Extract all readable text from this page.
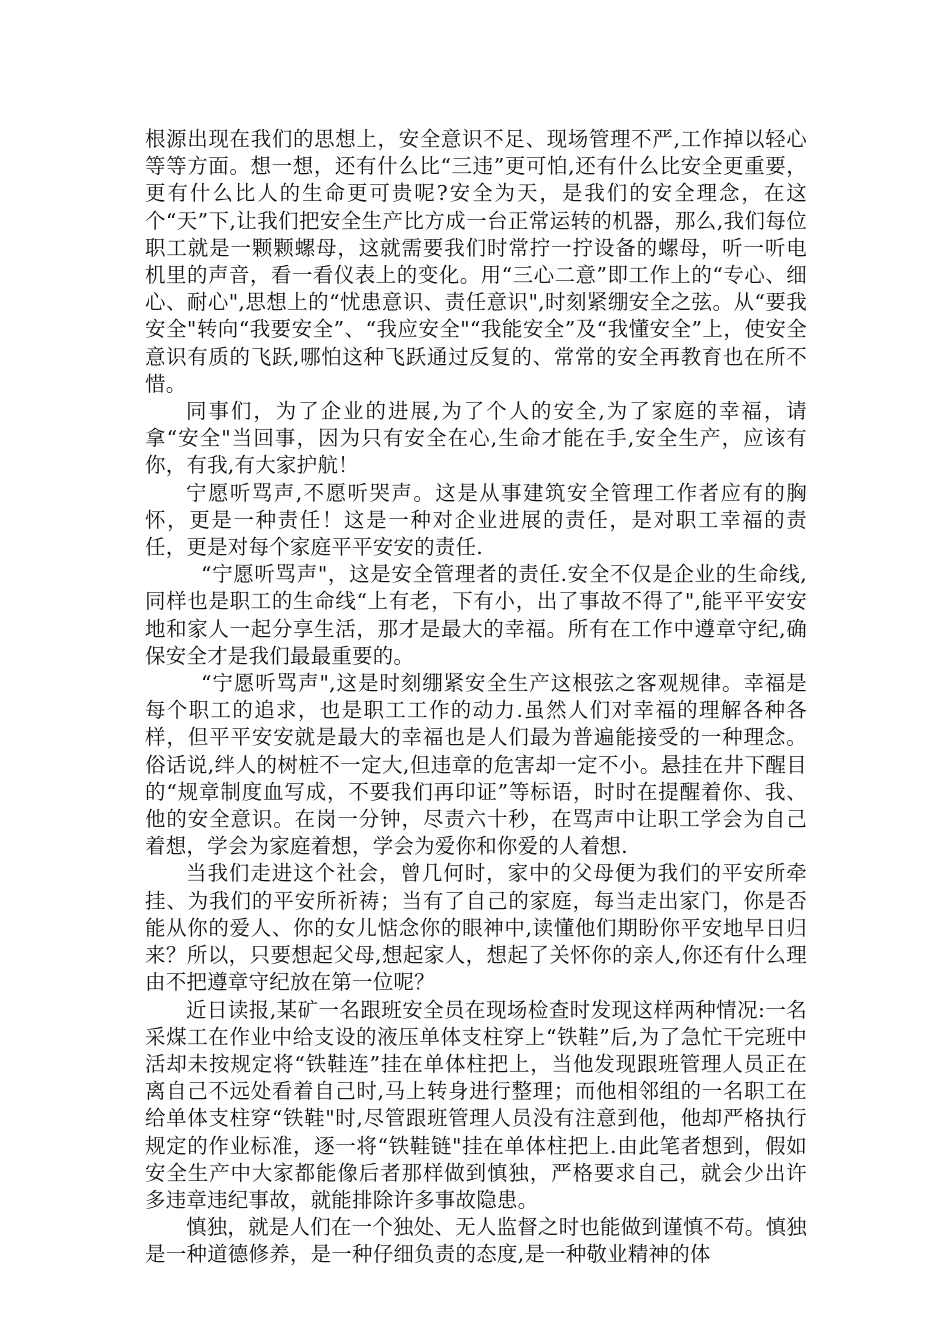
根源出现在我们的思想上，安全意识不足、现场管理不严,工作掉以轻心等等方面。想一想，还有什么比“三违”更可怕,还有什么比安全更重要，更有什么比人的生命更可贵呢?安全为天，是我们的安全理念，在这个“天”下,让我们把安全生产比方成一台正常运转的机器，那么,我们每位职工就是一颗颗螺母，这就需要我们时常拧一拧设备的螺母，听一听电机里的声音，看一看仪表上的变化。用“三心二意”即工作上的“专心、细心、耐心",思想上的“忧患意识、责任意识",时刻紧绷安全之弦。从“要我安全"转向“我要安全”、“我应安全"“我能安全”及“我懂安全”上，使安全意识有质的飞跃,哪怕这种飞跃通过反复的、常常的安全再教育也在所不惜。

同事们，为了企业的进展,为了个人的安全,为了家庭的幸福，请拿“安全"当回事，因为只有安全在心,生命才能在手,安全生产，应该有你，有我,有大家护航！

宁愿听骂声,不愿听哭声。这是从事建筑安全管理工作者应有的胸怀，更是一种责任！这是一种对企业进展的责任，是对职工幸福的责任，更是对每个家庭平平安安的责任.

“宁愿听骂声"，这是安全管理者的责任.安全不仅是企业的生命线,同样也是职工的生命线“上有老，下有小，出了事故不得了",能平平安安地和家人一起分享生活，那才是最大的幸福。所有在工作中遵章守纪,确保安全才是我们最最重要的。

“宁愿听骂声",这是时刻绷紧安全生产这根弦之客观规律。幸福是每个职工的追求，也是职工工作的动力.虽然人们对幸福的理解各种各样，但平平安安就是最大的幸福也是人们最为普遍能接受的一种理念。俗话说,绊人的树桩不一定大,但违章的危害却一定不小。悬挂在井下醒目的“规章制度血写成，不要我们再印证”等标语，时时在提醒着你、我、他的安全意识。在岗一分钟，尽责六十秒，在骂声中让职工学会为自己着想，学会为家庭着想，学会为爱你和你爱的人着想.

当我们走进这个社会，曾几何时，家中的父母便为我们的平安所牵挂、为我们的平安所祈祷；当有了自己的家庭，每当走出家门，你是否能从你的爱人、你的女儿惦念你的眼神中,读懂他们期盼你平安地早日归来？所以，只要想起父母,想起家人，想起了关怀你的亲人,你还有什么理由不把遵章守纪放在第一位呢？

近日读报,某矿一名跟班安全员在现场检查时发现这样两种情况:一名采煤工在作业中给支设的液压单体支柱穿上“铁鞋”后,为了急忙干完班中活却未按规定将“铁鞋连”挂在单体柱把上，当他发现跟班管理人员正在离自己不远处看着自己时,马上转身进行整理；而他相邻组的一名职工在给单体支柱穿“铁鞋"时,尽管跟班管理人员没有注意到他，他却严格执行规定的作业标准，逐一将“铁鞋链"挂在单体柱把上.由此笔者想到，假如安全生产中大家都能像后者那样做到慎独，严格要求自己，就会少出许多违章违纪事故，就能排除许多事故隐患。

慎独，就是人们在一个独处、无人监督之时也能做到谨慎不苟。慎独是一种道德修养，是一种仔细负责的态度,是一种敬业精神的体
